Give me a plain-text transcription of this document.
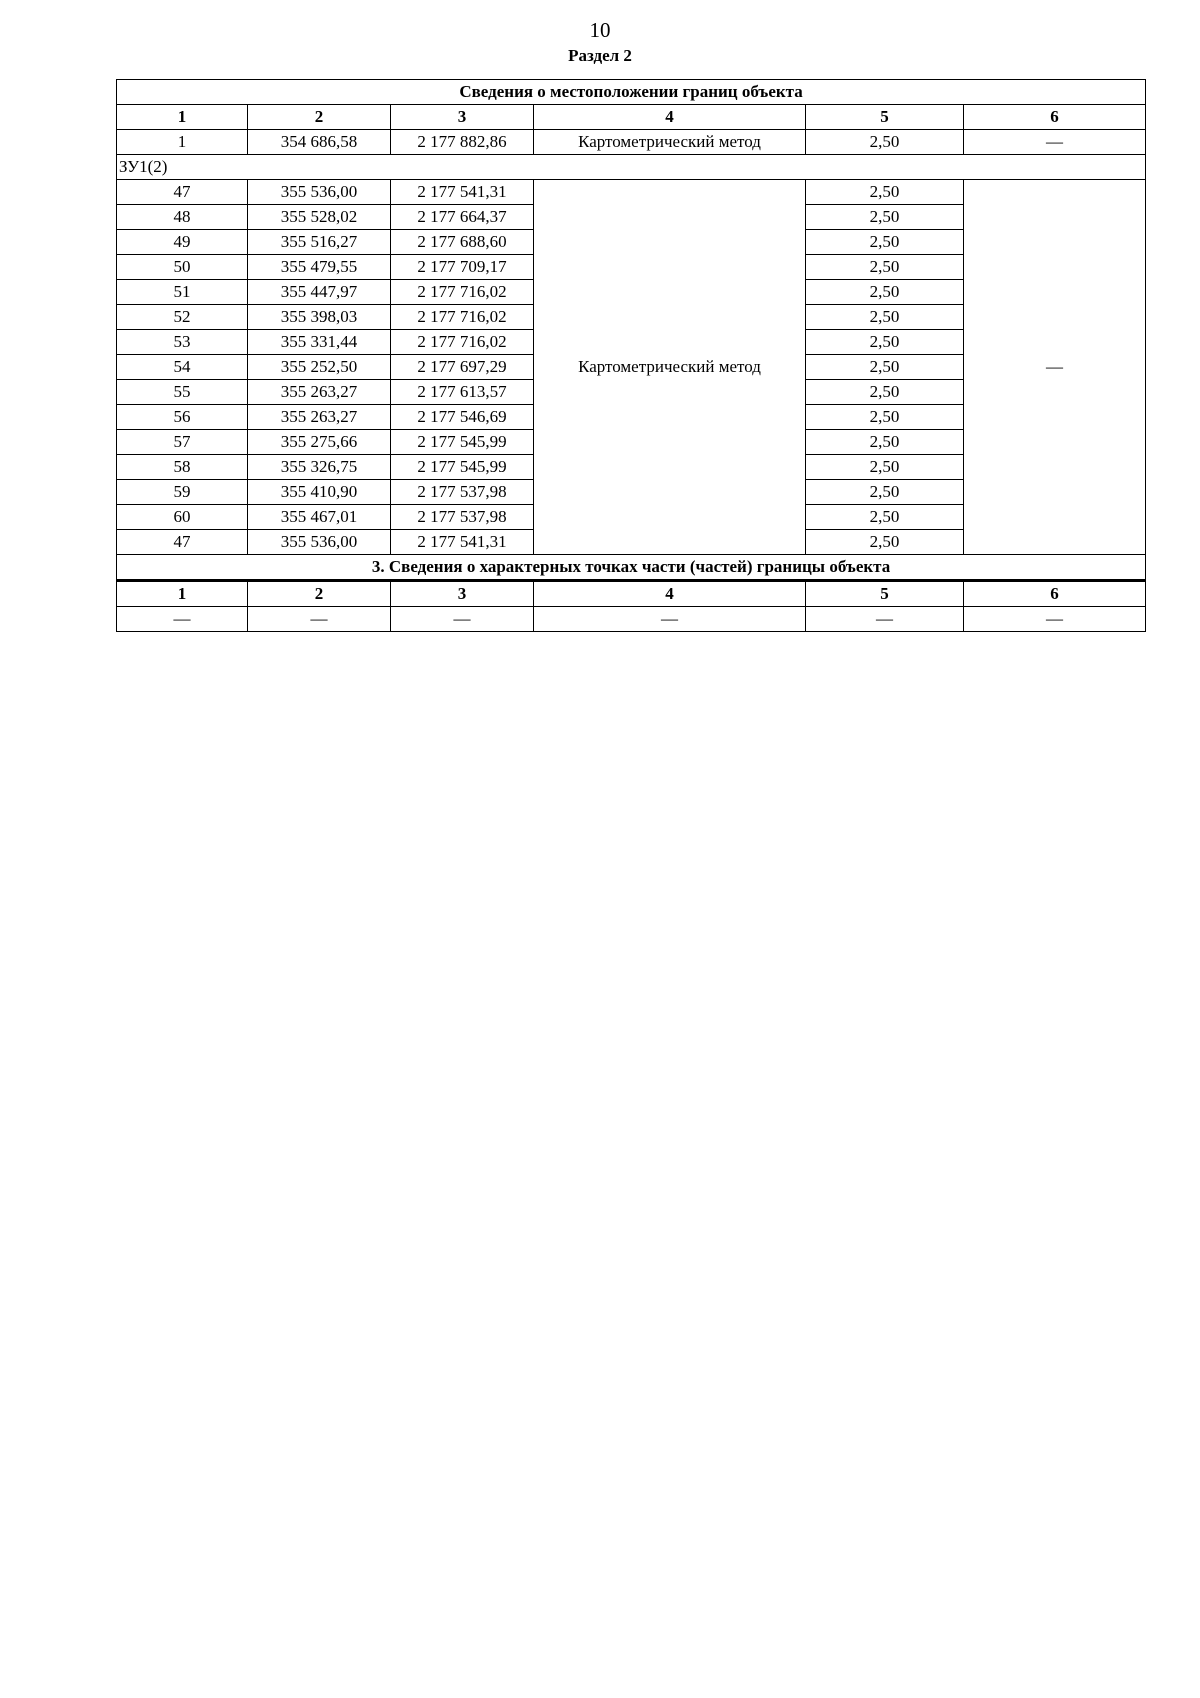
10
Раздел 2
Сведения о местоположении границ объекта					
1	2	3	4	5	6
1	354 686,58	2 177 882,86	Картометрический метод	2,50	—
ЗУ1(2)					
47	355 536,00	2 177 541,31	Картометрический метод	2,50	—
48	355 528,02	2 177 664,37		2,50	
49	355 516,27	2 177 688,60		2,50	
50	355 479,55	2 177 709,17		2,50	
51	355 447,97	2 177 716,02		2,50	
52	355 398,03	2 177 716,02		2,50	
53	355 331,44	2 177 716,02		2,50	
54	355 252,50	2 177 697,29		2,50	
55	355 263,27	2 177 613,57		2,50	
56	355 263,27	2 177 546,69		2,50	
57	355 275,66	2 177 545,99		2,50	
58	355 326,75	2 177 545,99		2,50	
59	355 410,90	2 177 537,98		2,50	
60	355 467,01	2 177 537,98		2,50	
47	355 536,00	2 177 541,31		2,50	
3. Сведения о характерных точках части (частей) границы объекта					
1	2	3	4	5	6
—	—	—	—	—	—
